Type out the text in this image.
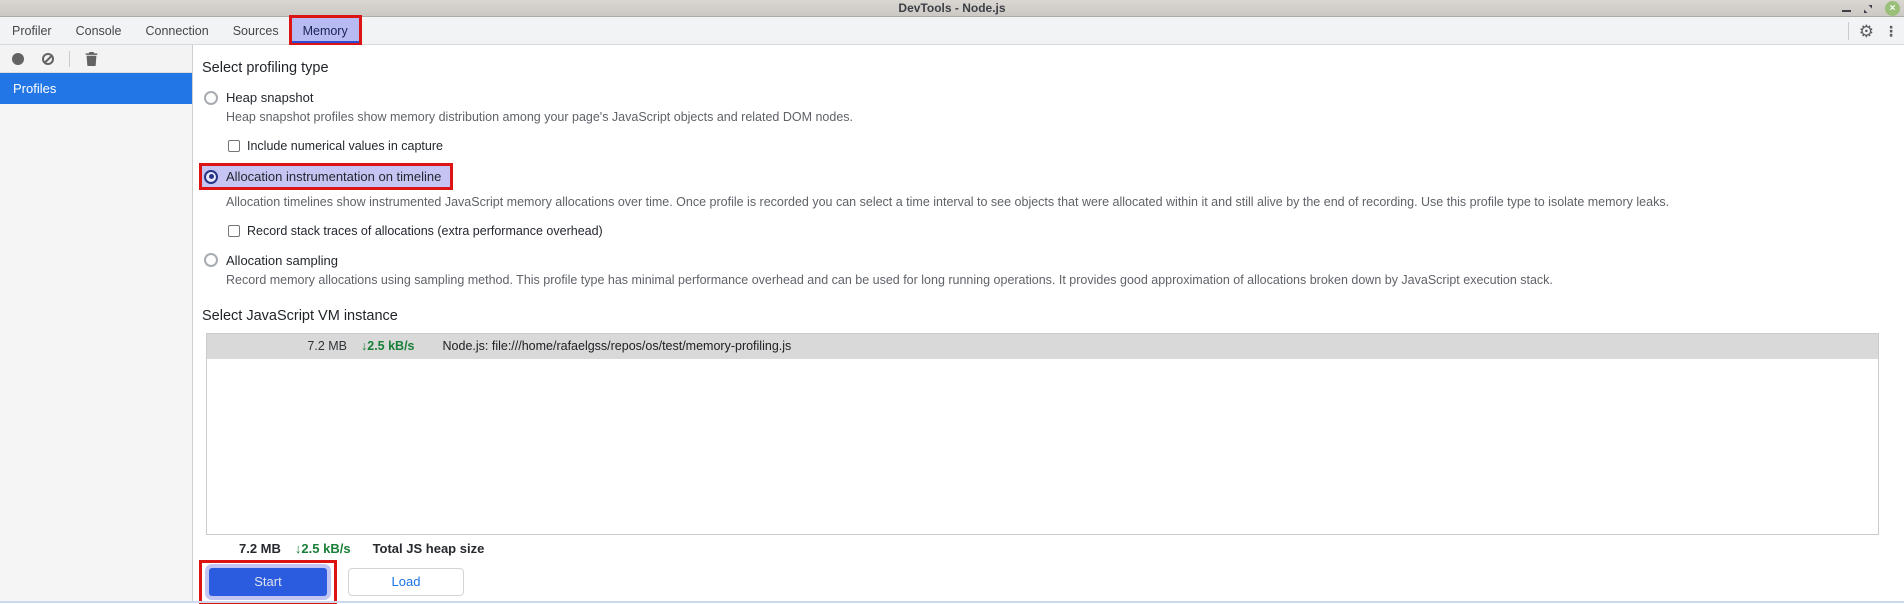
DevTools - Node.js	×
Profiler	Console	Connection	Sources	Memory	⚙ ⋮
Profiles
Select profiling type
Heap snapshot
Heap snapshot profiles show memory distribution among your page's JavaScript objects and related DOM nodes.
Include numerical values in capture
Allocation instrumentation on timeline
Allocation timelines show instrumented JavaScript memory allocations over time. Once profile is recorded you can select a time interval to see objects that were allocated within it and still alive by the end of recording. Use this profile type to isolate memory leaks.
Record stack traces of allocations (extra performance overhead)
Allocation sampling
Record memory allocations using sampling method. This profile type has minimal performance overhead and can be used for long running operations. It provides good approximation of allocations broken down by JavaScript execution stack.
Select JavaScript VM instance
7.2 MB ↓2.5 kB/s Node.js: file:///home/rafaelgss/repos/os/test/memory-profiling.js
7.2 MB ↓2.5 kB/s Total JS heap size
Start	Load
